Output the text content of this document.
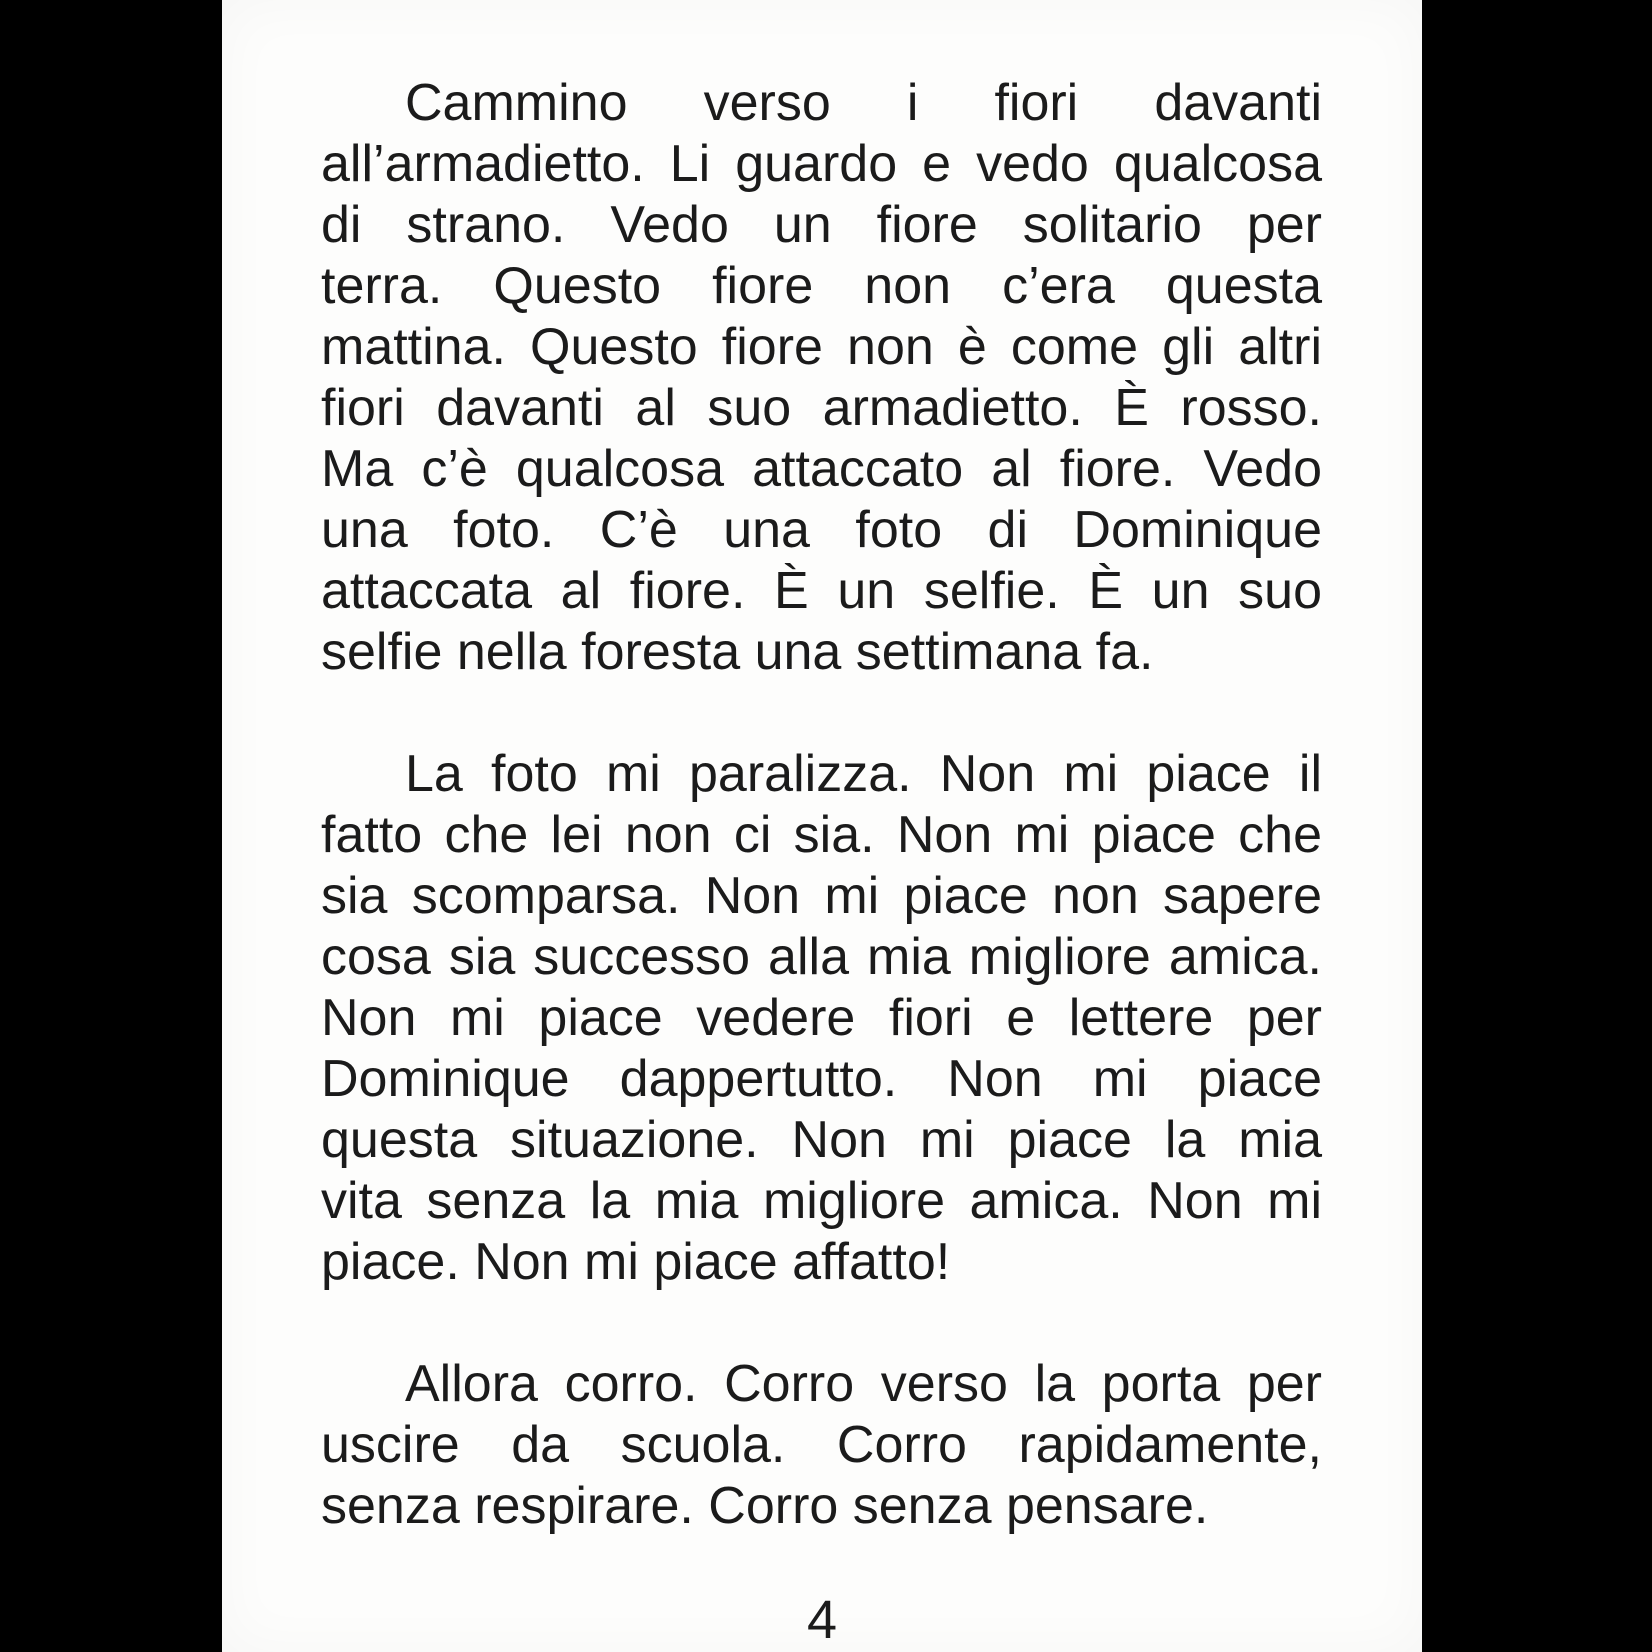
Cammino verso i fiori davanti
all’armadietto. Li guardo e vedo qualcosa
di strano. Vedo un fiore solitario per
terra. Questo fiore non c’era questa
mattina. Questo fiore non è come gli altri
fiori davanti al suo armadietto. È rosso.
Ma c’è qualcosa attaccato al fiore. Vedo
una foto. C’è una foto di Dominique
attaccata al fiore. È un selfie. È un suo
selfie nella foresta una settimana fa.
La foto mi paralizza. Non mi piace il
fatto che lei non ci sia. Non mi piace che
sia scomparsa. Non mi piace non sapere
cosa sia successo alla mia migliore amica.
Non mi piace vedere fiori e lettere per
Dominique dappertutto. Non mi piace
questa situazione. Non mi piace la mia
vita senza la mia migliore amica. Non mi
piace. Non mi piace affatto!
Allora corro. Corro verso la porta per
uscire da scuola. Corro rapidamente,
senza respirare. Corro senza pensare.
4
